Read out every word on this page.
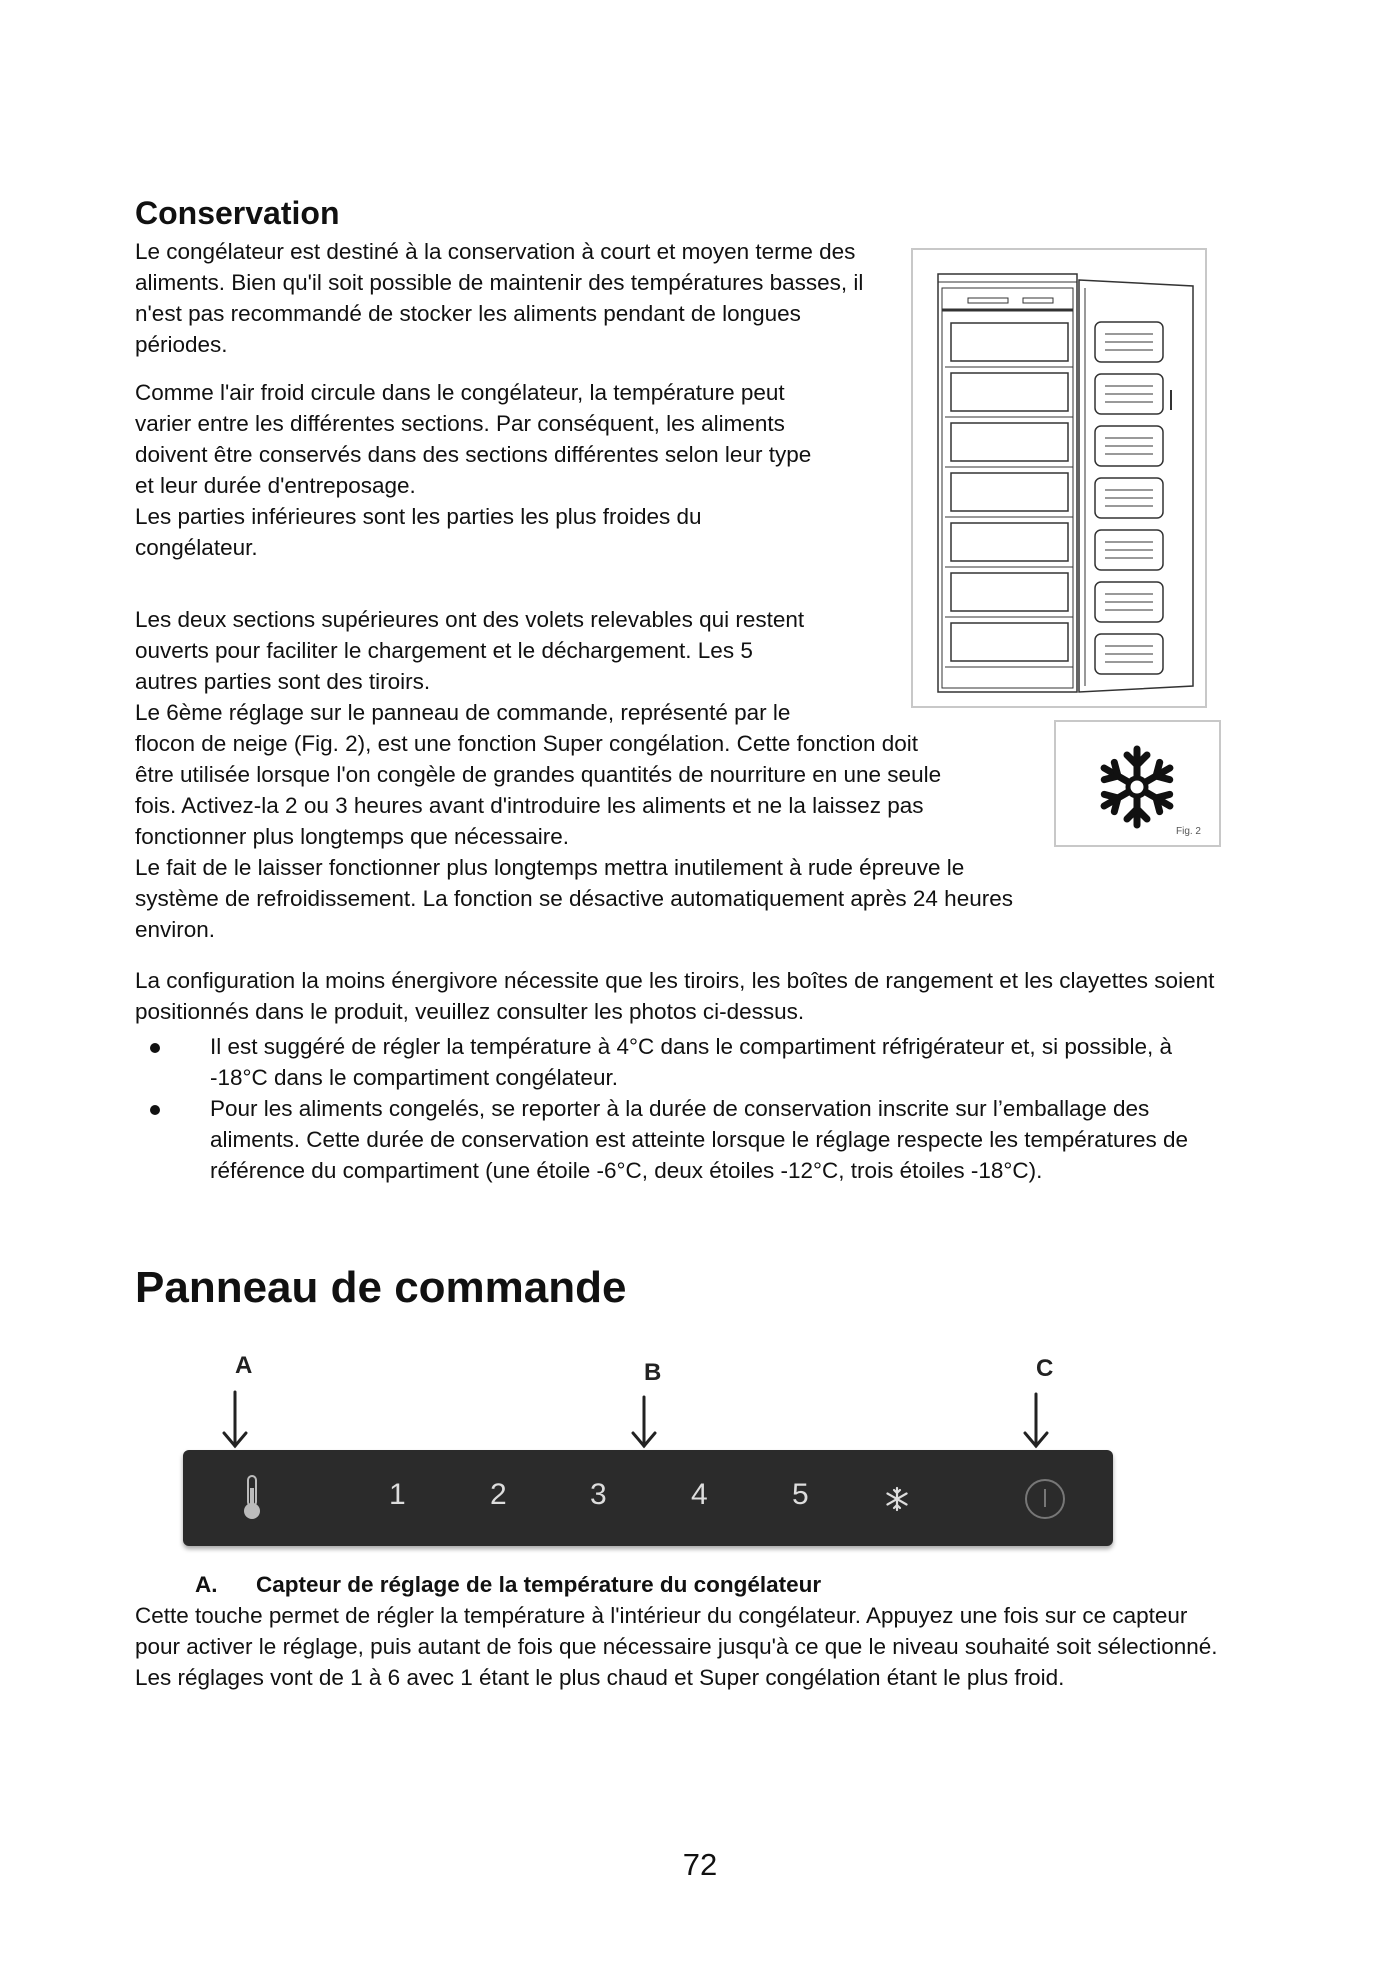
Conservation
Le congélateur est destiné à la conservation à court et moyen terme des aliments. Bien qu'il soit possible de maintenir des températures basses, il n'est pas recommandé de stocker les aliments pendant de longues périodes.

Comme l'air froid circule dans le congélateur, la température peut

varier entre les différentes sections. Par conséquent, les aliments

doivent être conservés dans des sections différentes selon leur type

et leur durée d'entreposage.

Les parties inférieures sont les parties les plus froides du

congélateur.

Les deux sections supérieures ont des volets relevables qui restent

ouverts pour faciliter le chargement et le déchargement. Les 5

autres parties sont des tiroirs.

Le 6ème réglage sur le panneau de commande, représenté par le

flocon de neige (Fig. 2), est une fonction Super congélation. Cette fonction doit

être utilisée lorsque l'on congèle de grandes quantités de nourriture en une seule

fois. Activez-la 2 ou 3 heures avant d'introduire les aliments et ne la laissez pas

fonctionner plus longtemps que nécessaire.

Le fait de le laisser fonctionner plus longtemps mettra inutilement à rude épreuve le

système de refroidissement. La fonction se désactive automatiquement après 24 heures

environ.

La configuration la moins énergivore nécessite que les tiroirs, les boîtes de rangement et les clayettes soient positionnés dans le produit, veuillez consulter les photos ci-dessus.
Il est suggéré de régler la température à 4°C dans le compartiment réfrigérateur et, si possible, à -18°C dans le compartiment congélateur.
Pour les aliments congelés, se reporter à la durée de conservation inscrite sur l’emballage des aliments. Cette durée de conservation est atteinte lorsque le réglage respecte les températures de référence du compartiment (une étoile -6°C, deux étoiles -12°C, trois étoiles -18°C).
Fig. 2
Panneau de commande
A	B	C
1	2	3	4	5
A. Capteur de réglage de la température du congélateur
Cette touche permet de régler la température à l'intérieur du congélateur. Appuyez une fois sur ce capteur pour activer le réglage, puis autant de fois que nécessaire jusqu'à ce que le niveau souhaité soit sélectionné. Les réglages vont de 1 à 6 avec 1 étant le plus chaud et Super congélation étant le plus froid.
72
